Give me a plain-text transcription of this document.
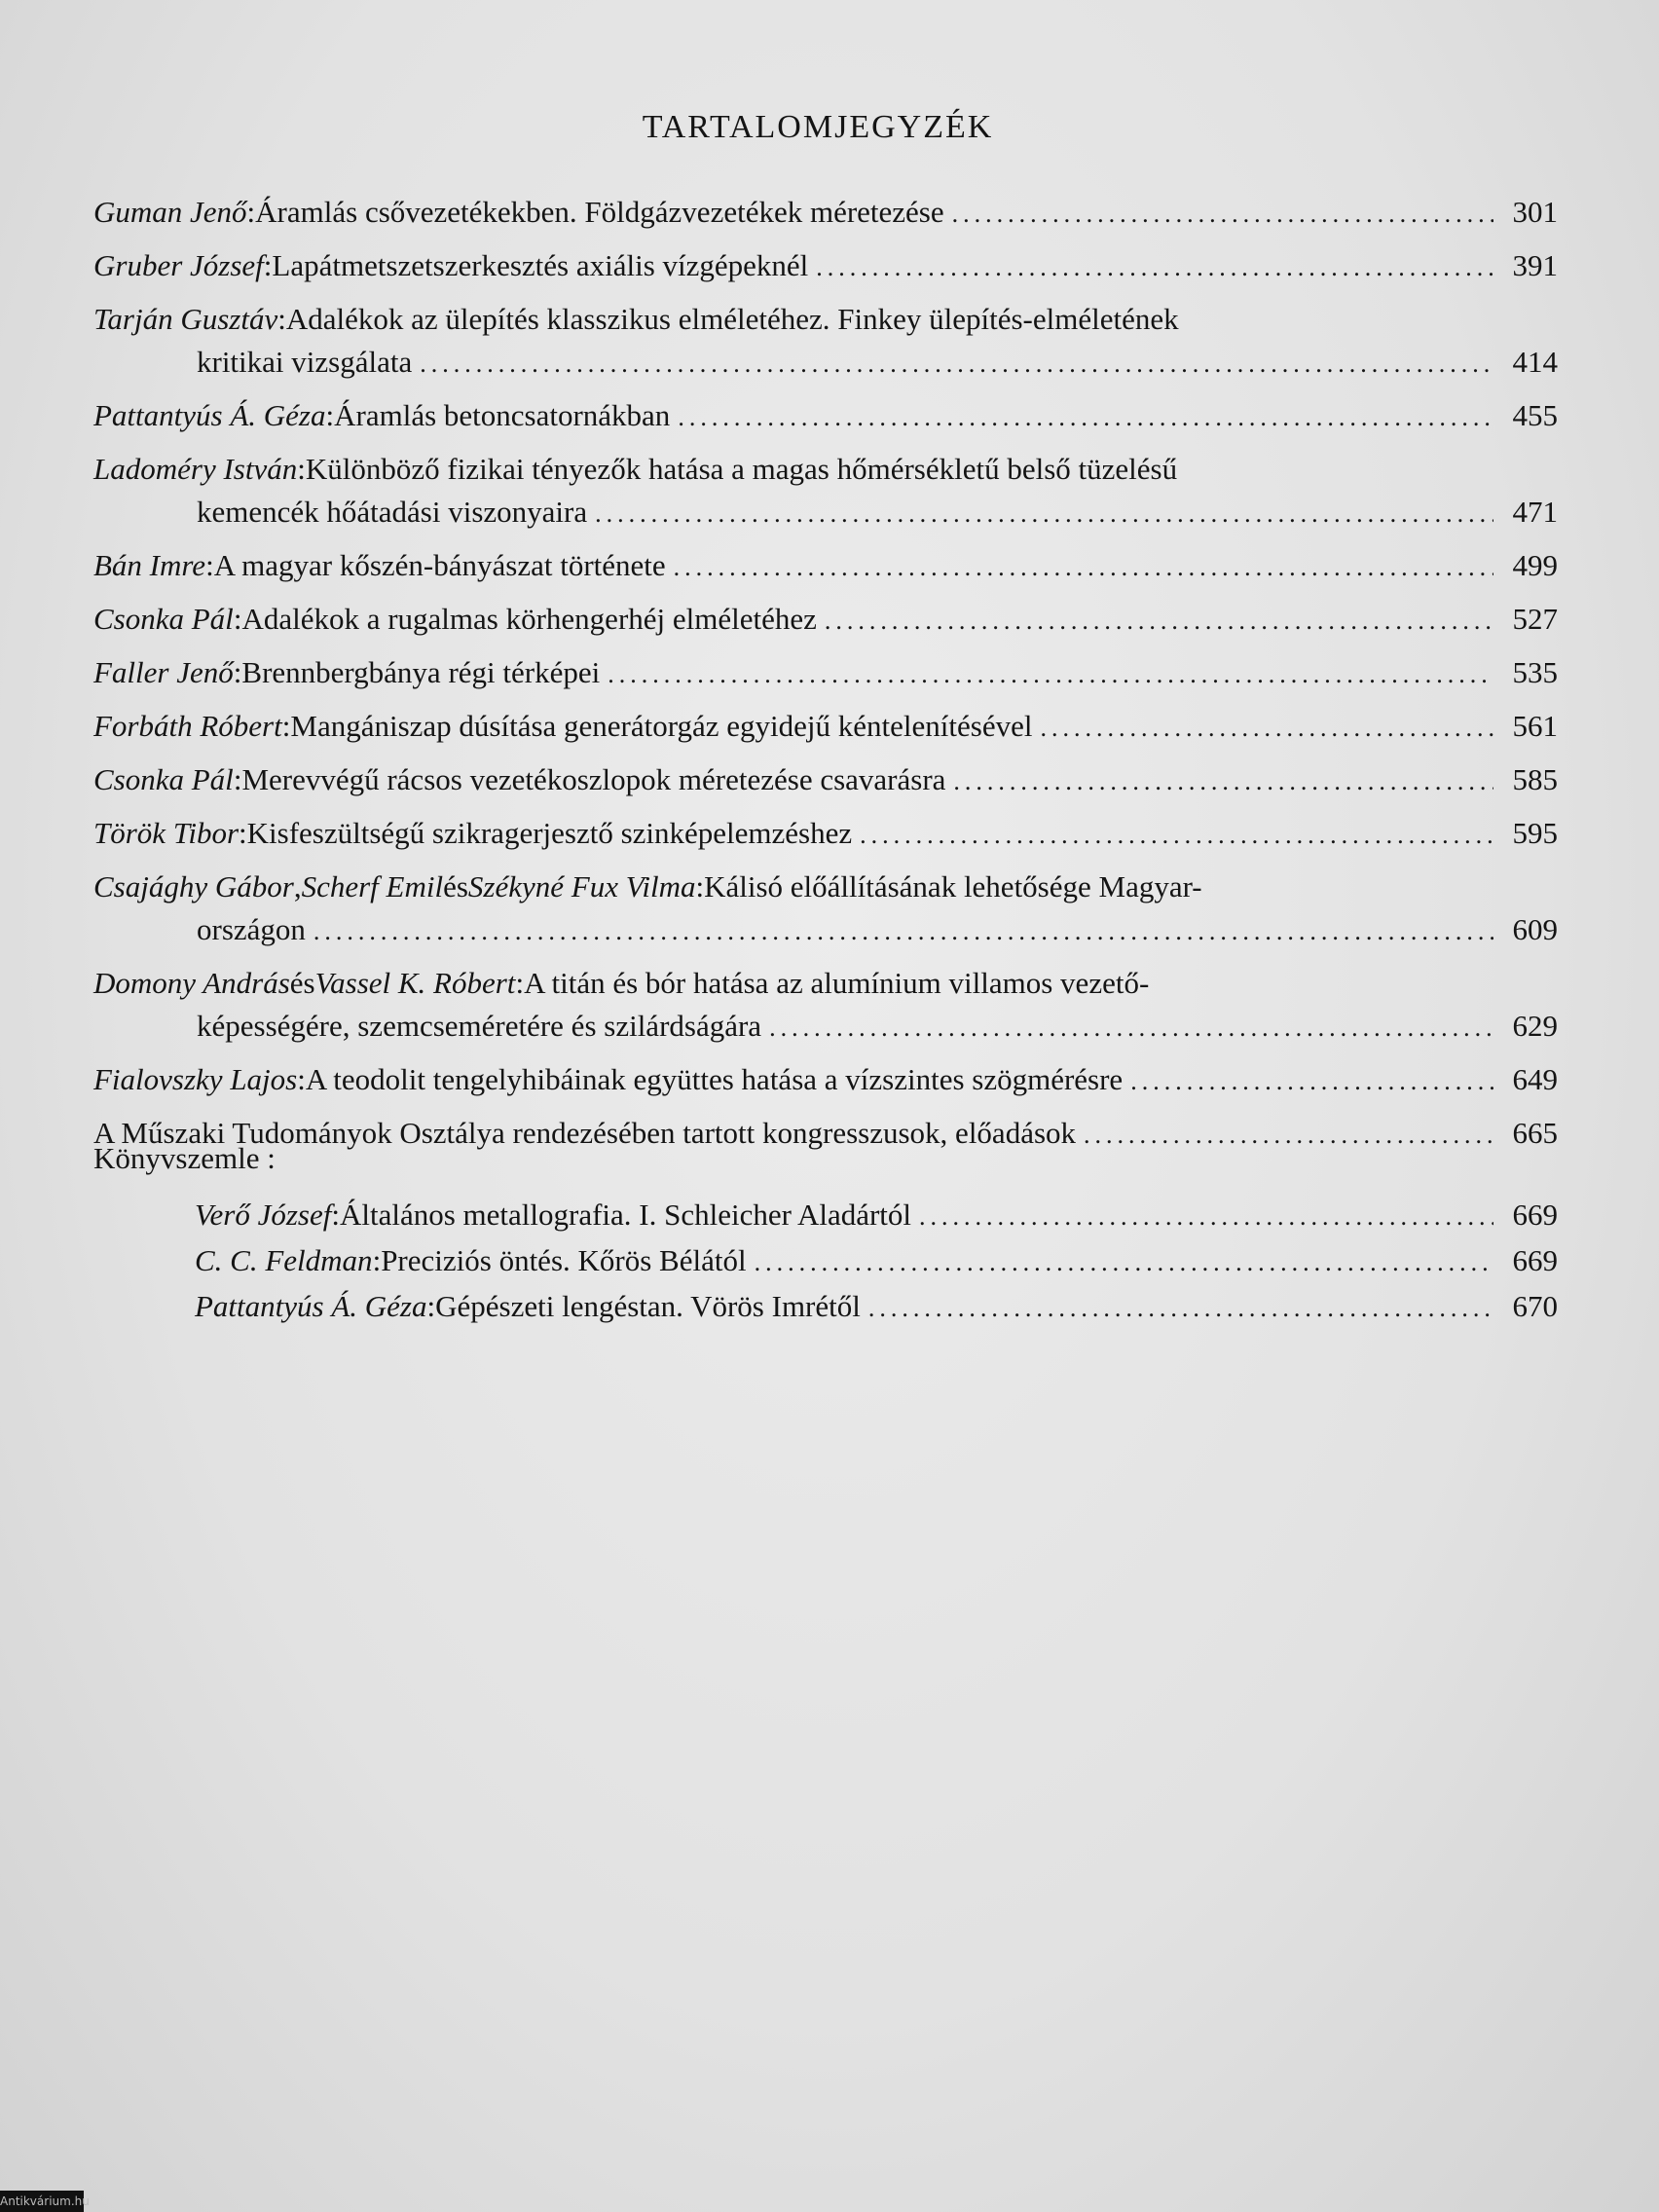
TARTALOMJEGYZÉK
Guman Jenő : Áramlás csővezetékekben. Földgázvezetékek méretezése .....	301
Gruber József : Lapátmetszetszerkesztés axiális vízgépeknél .....	391
Tarján Gusztáv : Adalékok az ülepítés klasszikus elméletéhez. Finkey ülepítés-elméletének
kritikai vizsgálata .....	414
Pattantyús Á. Géza : Áramlás betoncsatornákban .....	455
Ladoméry István : Különböző fizikai tényezők hatása a magas hőmérsékletű belső tüzelésű
kemencék hőátadási viszonyaira .....	471
Bán Imre : A magyar kőszén-bányászat története .....	499
Csonka Pál : Adalékok a rugalmas körhengerhéj elméletéhez .....	527
Faller Jenő : Brennbergbánya régi térképei .....	535
Forbáth Róbert : Mangániszap dúsítása generátorgáz egyidejű kéntelenítésével .....	561
Csonka Pál : Merevvégű rácsos vezetékoszlopok méretezése csavarásra .....	585
Török Tibor : Kisfeszültségű szikragerjesztő szinképelemzéshez .....	595
Csajághy Gábor , Scherf Emil és Székyné Fux Vilma : Kálisó előállításának lehetősége Magyar-
országon .....	609
Domony András és Vassel K. Róbert : A titán és bór hatása az alumínium villamos vezető-
képességére, szemcseméretére és szilárdságára .....	629
Fialovszky Lajos : A teodolit tengelyhibáinak együttes hatása a vízszintes szögmérésre .....	649
A Műszaki Tudományok Osztálya rendezésében tartott kongresszusok, előadások .....	665
Könyvszemle :
Verő József : Általános metallografia. I. Schleicher Aladártól .....	669
C. C. Feldman : Preciziós öntés. Kőrös Bélától .....	669
Pattantyús Á. Géza : Gépészeti lengéstan. Vörös Imrétől .....	670
Antikvárium.hu
